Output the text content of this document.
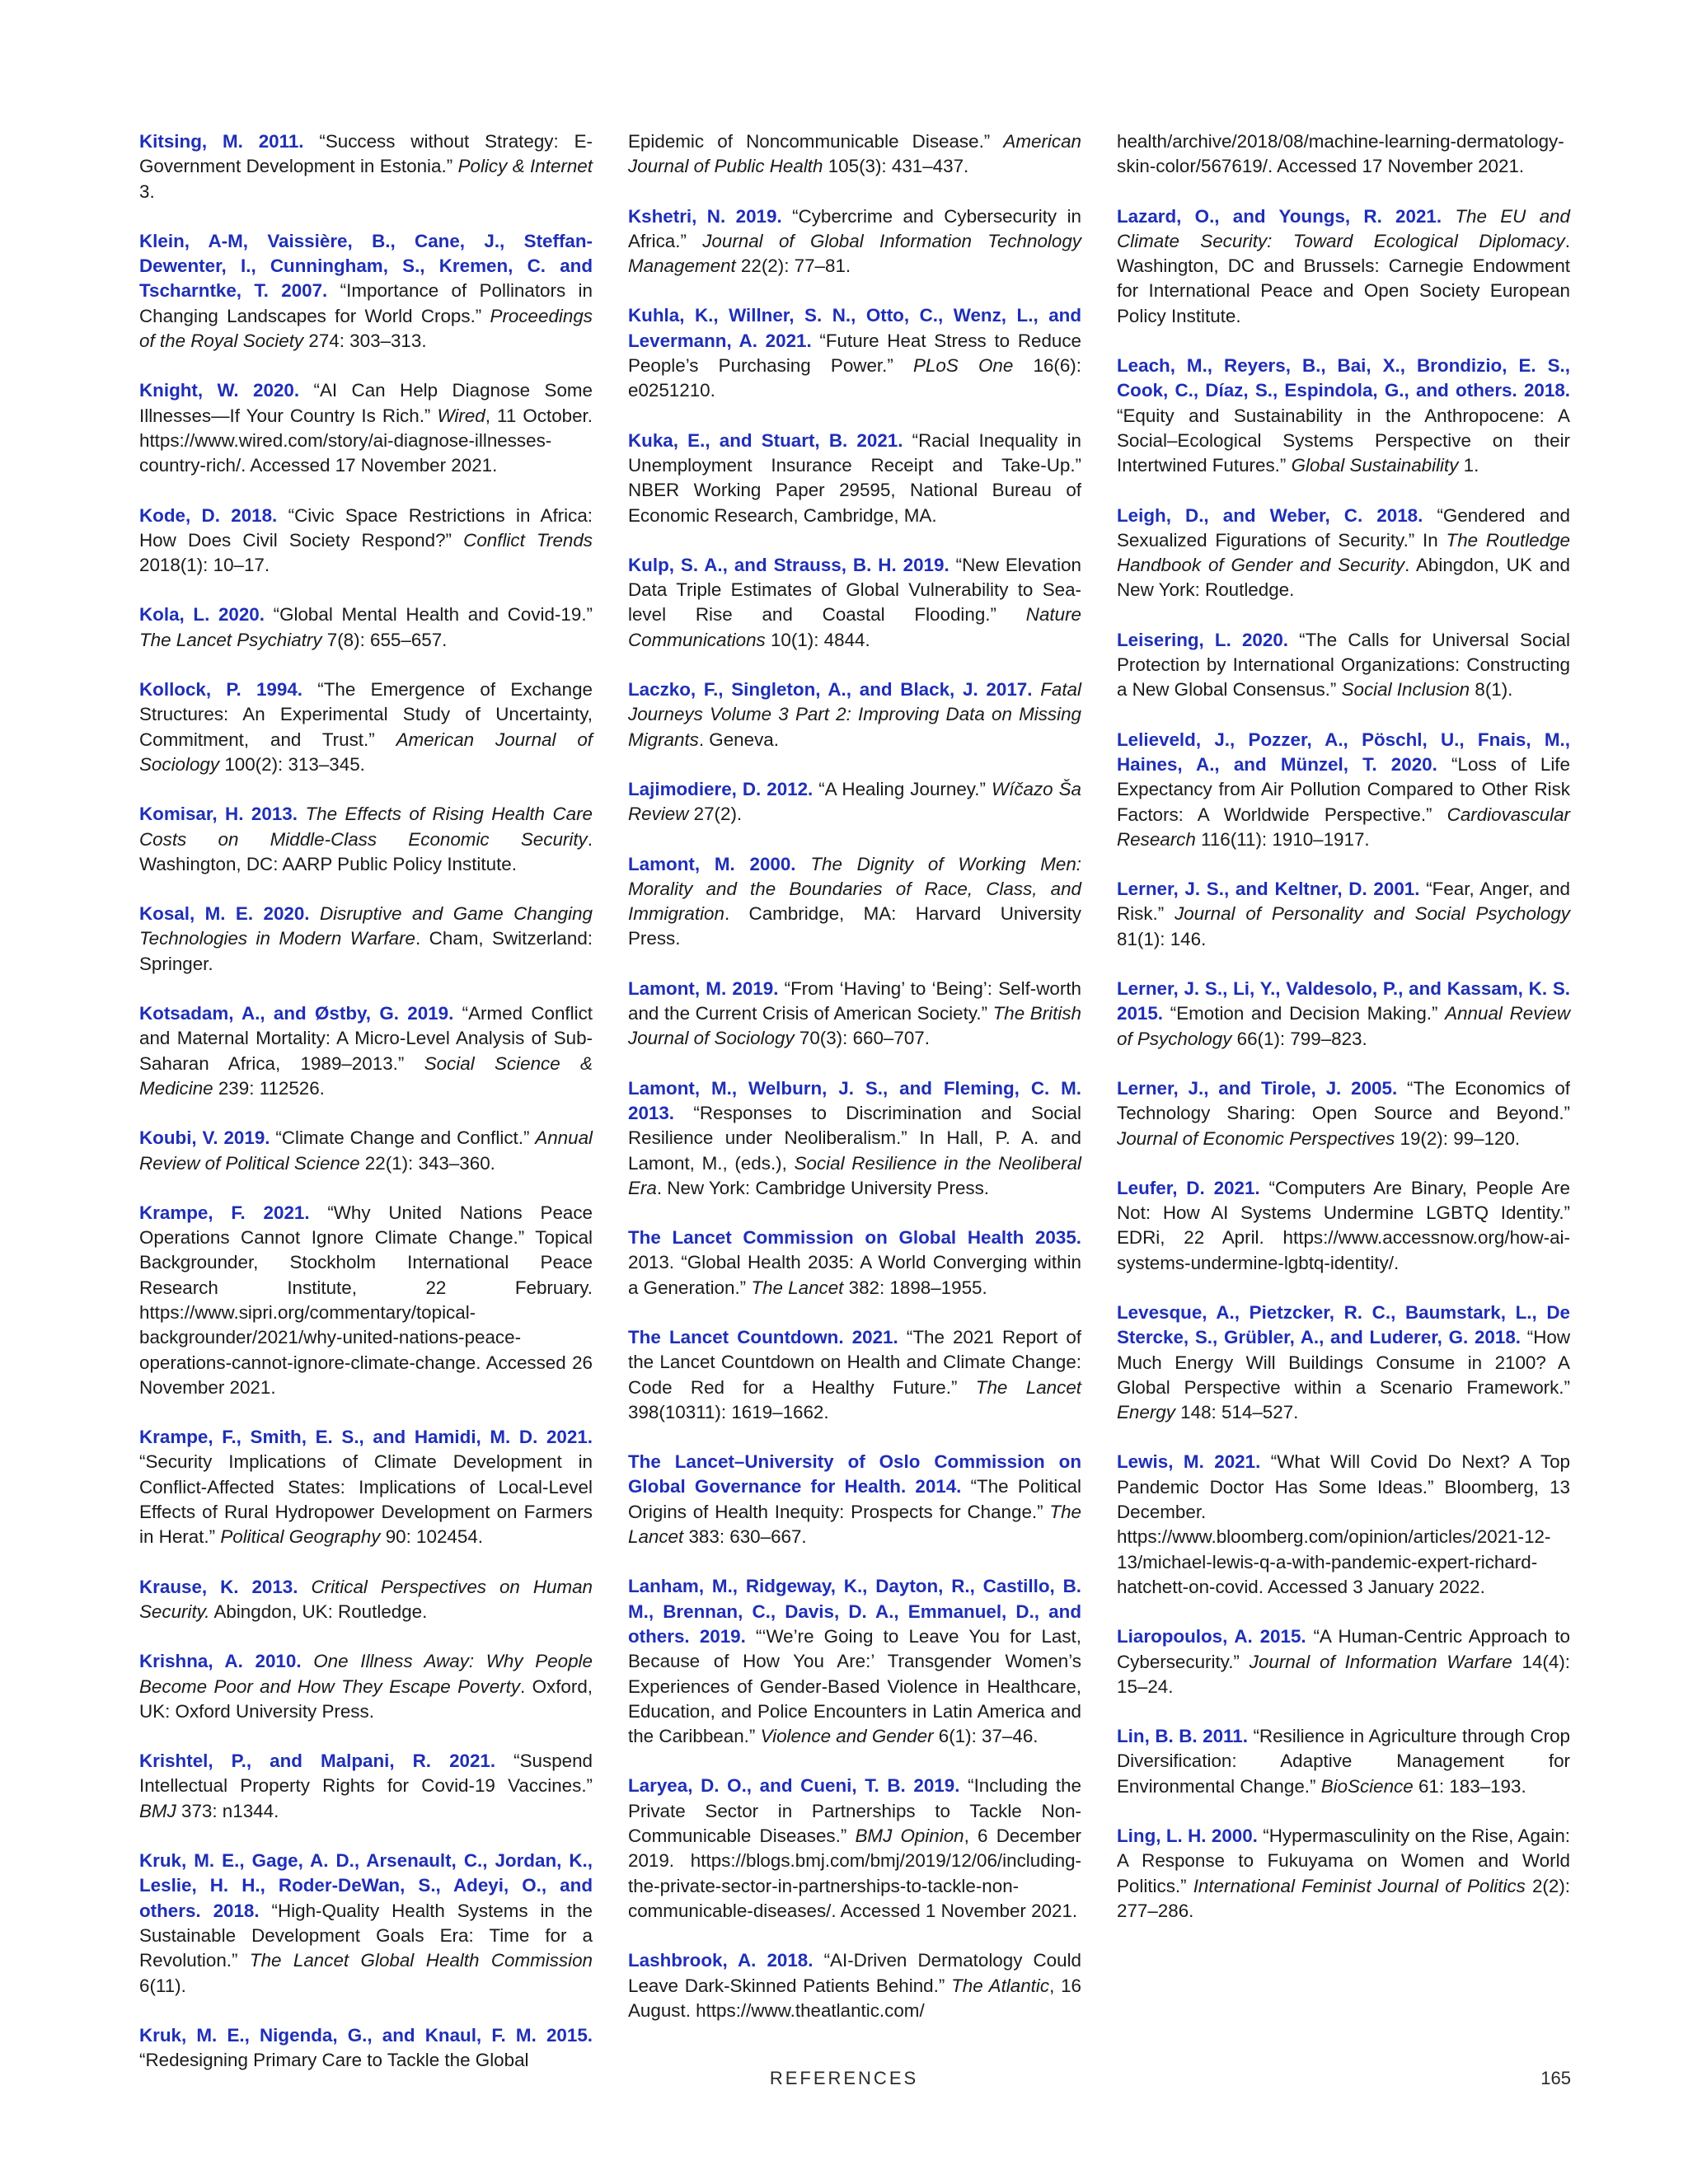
Kitsing, M. 2011. “Success without Strategy: E-Government Development in Estonia.” Policy & Internet 3.

Klein, A-M, Vaissière, B., Cane, J., Steffan-Dewenter, I., Cunningham, S., Kremen, C. and Tscharntke, T. 2007. “Importance of Pollinators in Changing Landscapes for World Crops.” Proceedings of the Royal Society 274: 303–313.

Knight, W. 2020. “AI Can Help Diagnose Some Illnesses—If Your Country Is Rich.” Wired, 11 October. https://www.wired.com/story/ai-diagnose-illnesses-country-rich/. Accessed 17 November 2021.

Kode, D. 2018. “Civic Space Restrictions in Africa: How Does Civil Society Respond?” Conflict Trends 2018(1): 10–17.

Kola, L. 2020. “Global Mental Health and Covid-19.” The Lancet Psychiatry 7(8): 655–657.

Kollock, P. 1994. “The Emergence of Exchange Structures: An Experimental Study of Uncertainty, Commitment, and Trust.” American Journal of Sociology 100(2): 313–345.

Komisar, H. 2013. The Effects of Rising Health Care Costs on Middle-Class Economic Security. Washington, DC: AARP Public Policy Institute.

Kosal, M. E. 2020. Disruptive and Game Changing Technologies in Modern Warfare. Cham, Switzerland: Springer.

Kotsadam, A., and Østby, G. 2019. “Armed Conflict and Maternal Mortality: A Micro-Level Analysis of Sub-Saharan Africa, 1989–2013.” Social Science & Medicine 239: 112526.

Koubi, V. 2019. “Climate Change and Conflict.” Annual Review of Political Science 22(1): 343–360.

Krampe, F. 2021. “Why United Nations Peace Operations Cannot Ignore Climate Change.” Topical Backgrounder, Stockholm International Peace Research Institute, 22 February. https://www.sipri.org/commentary/topical-backgrounder/2021/why-united-nations-peace-operations-cannot-ignore-climate-change. Accessed 26 November 2021.

Krampe, F., Smith, E. S., and Hamidi, M. D. 2021. “Security Implications of Climate Development in Conflict-Affected States: Implications of Local-Level Effects of Rural Hydropower Development on Farmers in Herat.” Political Geography 90: 102454.

Krause, K. 2013. Critical Perspectives on Human Security. Abingdon, UK: Routledge.

Krishna, A. 2010. One Illness Away: Why People Become Poor and How They Escape Poverty. Oxford, UK: Oxford University Press.

Krishtel, P., and Malpani, R. 2021. “Suspend Intellectual Property Rights for Covid-19 Vaccines.” BMJ 373: n1344.

Kruk, M. E., Gage, A. D., Arsenault, C., Jordan, K., Leslie, H. H., Roder-DeWan, S., Adeyi, O., and others. 2018. “High-Quality Health Systems in the Sustainable Development Goals Era: Time for a Revolution.” The Lancet Global Health Commission 6(11).

Kruk, M. E., Nigenda, G., and Knaul, F. M. 2015. “Redesigning Primary Care to Tackle the Global

Epidemic of Noncommunicable Disease.” American Journal of Public Health 105(3): 431–437.

Kshetri, N. 2019. “Cybercrime and Cybersecurity in Africa.” Journal of Global Information Technology Management 22(2): 77–81.

Kuhla, K., Willner, S. N., Otto, C., Wenz, L., and Levermann, A. 2021. “Future Heat Stress to Reduce People’s Purchasing Power.” PLoS One 16(6): e0251210.

Kuka, E., and Stuart, B. 2021. “Racial Inequality in Unemployment Insurance Receipt and Take-Up.” NBER Working Paper 29595, National Bureau of Economic Research, Cambridge, MA.

Kulp, S. A., and Strauss, B. H. 2019. “New Elevation Data Triple Estimates of Global Vulnerability to Sea-level Rise and Coastal Flooding.” Nature Communications 10(1): 4844.

Laczko, F., Singleton, A., and Black, J. 2017. Fatal Journeys Volume 3 Part 2: Improving Data on Missing Migrants. Geneva.

Lajimodiere, D. 2012. “A Healing Journey.” Wíčazo Ša Review 27(2).

Lamont, M. 2000. The Dignity of Working Men: Morality and the Boundaries of Race, Class, and Immigration. Cambridge, MA: Harvard University Press.

Lamont, M. 2019. “From ‘Having’ to ‘Being’: Self-worth and the Current Crisis of American Society.” The British Journal of Sociology 70(3): 660–707.

Lamont, M., Welburn, J. S., and Fleming, C. M. 2013. “Responses to Discrimination and Social Resilience under Neoliberalism.” In Hall, P. A. and Lamont, M., (eds.), Social Resilience in the Neoliberal Era. New York: Cambridge University Press.

The Lancet Commission on Global Health 2035. 2013. “Global Health 2035: A World Converging within a Generation.” The Lancet 382: 1898–1955.

The Lancet Countdown. 2021. “The 2021 Report of the Lancet Countdown on Health and Climate Change: Code Red for a Healthy Future.” The Lancet 398(10311): 1619–1662.

The Lancet–University of Oslo Commission on Global Governance for Health. 2014. “The Political Origins of Health Inequity: Prospects for Change.” The Lancet 383: 630–667.

Lanham, M., Ridgeway, K., Dayton, R., Castillo, B. M., Brennan, C., Davis, D. A., Emmanuel, D., and others. 2019. “‘We’re Going to Leave You for Last, Because of How You Are:’ Transgender Women’s Experiences of Gender-Based Violence in Healthcare, Education, and Police Encounters in Latin America and the Caribbean.” Violence and Gender 6(1): 37–46.

Laryea, D. O., and Cueni, T. B. 2019. “Including the Private Sector in Partnerships to Tackle Non-Communicable Diseases.” BMJ Opinion, 6 December 2019. https://blogs.bmj.com/bmj/2019/12/06/including-the-private-sector-in-partnerships-to-tackle-non-communicable-diseases/. Accessed 1 November 2021.

Lashbrook, A. 2018. “AI-Driven Dermatology Could Leave Dark-Skinned Patients Behind.” The Atlantic, 16 August. https://www.theatlantic.com/

health/archive/2018/08/machine-learning-dermatology-skin-color/567619/. Accessed 17 November 2021.

Lazard, O., and Youngs, R. 2021. The EU and Climate Security: Toward Ecological Diplomacy. Washington, DC and Brussels: Carnegie Endowment for International Peace and Open Society European Policy Institute.

Leach, M., Reyers, B., Bai, X., Brondizio, E. S., Cook, C., Díaz, S., Espindola, G., and others. 2018. “Equity and Sustainability in the Anthropocene: A Social–Ecological Systems Perspective on their Intertwined Futures.” Global Sustainability 1.

Leigh, D., and Weber, C. 2018. “Gendered and Sexualized Figurations of Security.” In The Routledge Handbook of Gender and Security. Abingdon, UK and New York: Routledge.

Leisering, L. 2020. “The Calls for Universal Social Protection by International Organizations: Constructing a New Global Consensus.” Social Inclusion 8(1).

Lelieveld, J., Pozzer, A., Pöschl, U., Fnais, M., Haines, A., and Münzel, T. 2020. “Loss of Life Expectancy from Air Pollution Compared to Other Risk Factors: A Worldwide Perspective.” Cardiovascular Research 116(11): 1910–1917.

Lerner, J. S., and Keltner, D. 2001. “Fear, Anger, and Risk.” Journal of Personality and Social Psychology 81(1): 146.

Lerner, J. S., Li, Y., Valdesolo, P., and Kassam, K. S. 2015. “Emotion and Decision Making.” Annual Review of Psychology 66(1): 799–823.

Lerner, J., and Tirole, J. 2005. “The Economics of Technology Sharing: Open Source and Beyond.” Journal of Economic Perspectives 19(2): 99–120.

Leufer, D. 2021. “Computers Are Binary, People Are Not: How AI Systems Undermine LGBTQ Identity.” EDRi, 22 April. https://www.accessnow.org/how-ai-systems-undermine-lgbtq-identity/.

Levesque, A., Pietzcker, R. C., Baumstark, L., De Stercke, S., Grübler, A., and Luderer, G. 2018. “How Much Energy Will Buildings Consume in 2100? A Global Perspective within a Scenario Framework.” Energy 148: 514–527.

Lewis, M. 2021. “What Will Covid Do Next? A Top Pandemic Doctor Has Some Ideas.” Bloomberg, 13 December. https://www.bloomberg.com/opinion/articles/2021-12-13/michael-lewis-q-a-with-pandemic-expert-richard-hatchett-on-covid. Accessed 3 January 2022.

Liaropoulos, A. 2015. “A Human-Centric Approach to Cybersecurity.” Journal of Information Warfare 14(4): 15–24.

Lin, B. B. 2011. “Resilience in Agriculture through Crop Diversification: Adaptive Management for Environmental Change.” BioScience 61: 183–193.

Ling, L. H. 2000. “Hypermasculinity on the Rise, Again: A Response to Fukuyama on Women and World Politics.” International Feminist Journal of Politics 2(2): 277–286.

REFERENCES	165
